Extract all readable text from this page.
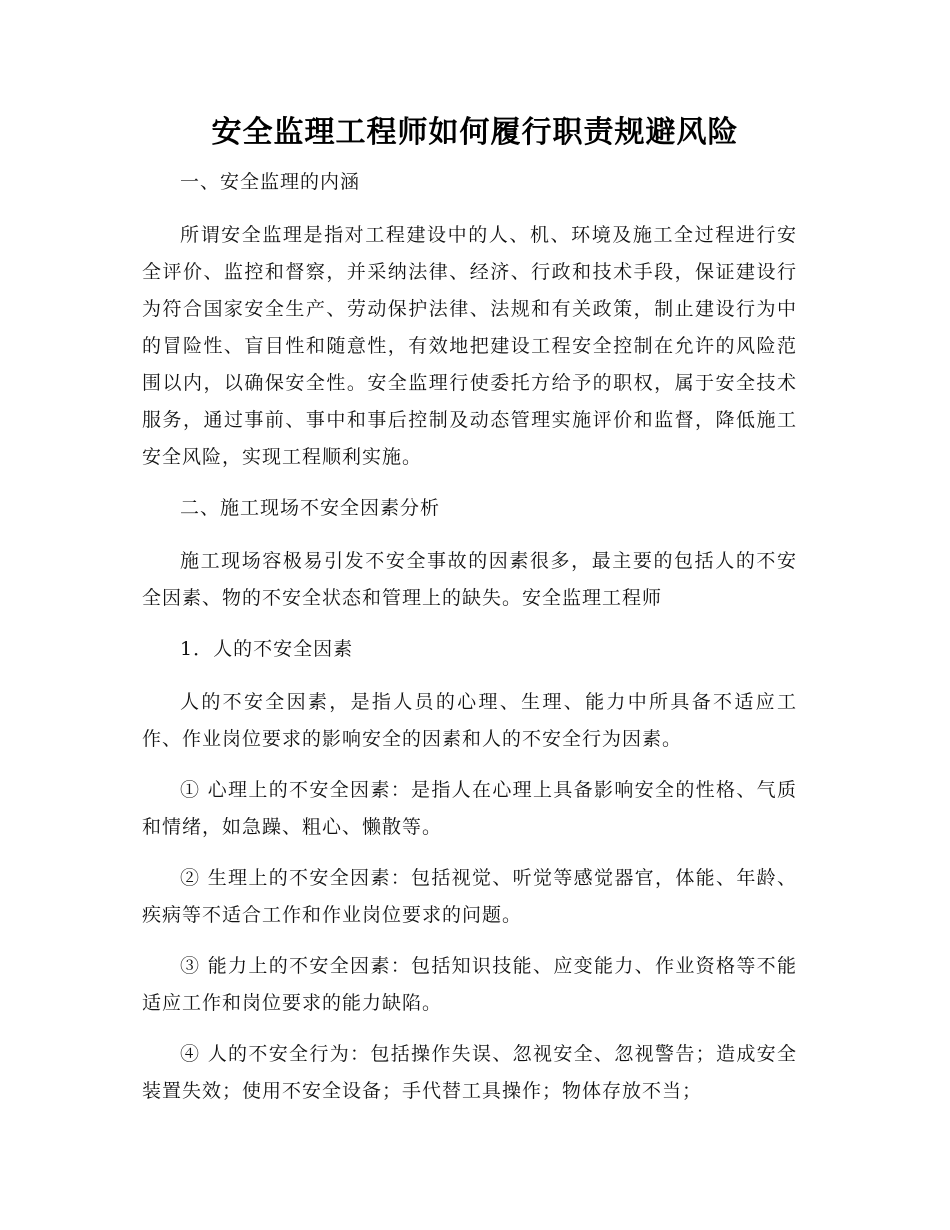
安全监理工程师如何履行职责规避风险

一、安全监理的内涵

所谓安全监理是指对工程建设中的人、机、环境及施工全过程进行安全评价、监控和督察，并采纳法律、经济、行政和技术手段，保证建设行为符合国家安全生产、劳动保护法律、法规和有关政策，制止建设行为中的冒险性、盲目性和随意性，有效地把建设工程安全控制在允许的风险范围以内，以确保安全性。安全监理行使委托方给予的职权，属于安全技术服务，通过事前、事中和事后控制及动态管理实施评价和监督，降低施工安全风险，实现工程顺利实施。

二、施工现场不安全因素分析

施工现场容极易引发不安全事故的因素很多，最主要的包括人的不安全因素、物的不安全状态和管理上的缺失。安全监理工程师

1．人的不安全因素

人的不安全因素，是指人员的心理、生理、能力中所具备不适应工作、作业岗位要求的影响安全的因素和人的不安全行为因素。

① 心理上的不安全因素：是指人在心理上具备影响安全的性格、气质和情绪，如急躁、粗心、懒散等。

② 生理上的不安全因素：包括视觉、听觉等感觉器官，体能、年龄、疾病等不适合工作和作业岗位要求的问题。

③ 能力上的不安全因素：包括知识技能、应变能力、作业资格等不能适应工作和岗位要求的能力缺陷。

④ 人的不安全行为：包括操作失误、忽视安全、忽视警告；造成安全装置失效；使用不安全设备；手代替工具操作；物体存放不当；
